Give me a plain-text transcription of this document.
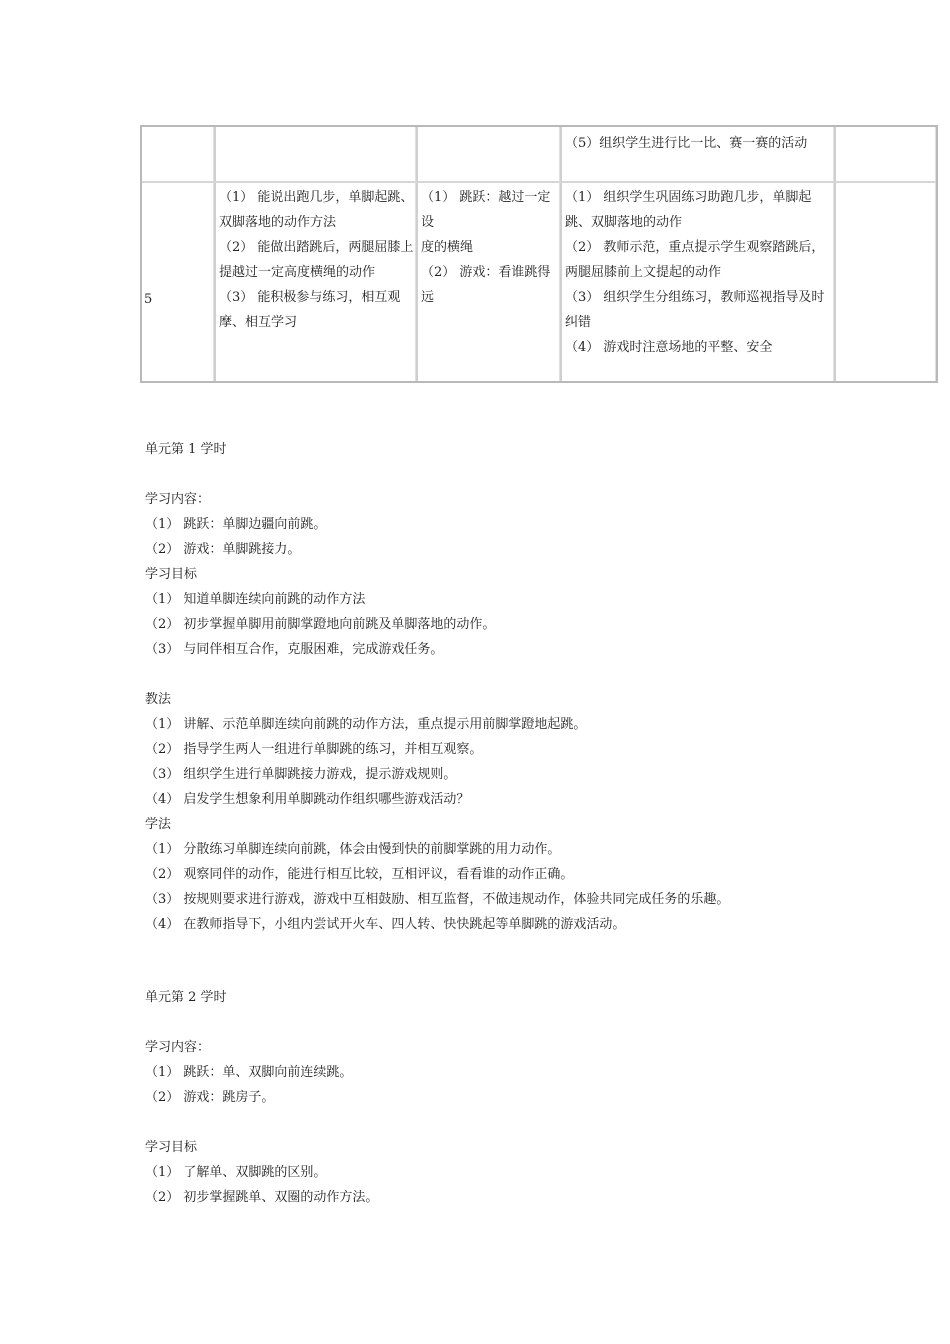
（5）组织学生进行比一比、赛一赛的活动
5
（1） 能说出跑几步，单脚起跳、
双脚落地的动作方法
（2） 能做出踏跳后，两腿屈膝上
提越过一定高度横绳的动作
（3） 能积极参与练习，相互观
摩、相互学习
（1） 跳跃：越过一定设
度的横绳
（2） 游戏：看谁跳得远
（1） 组织学生巩固练习助跑几步，单脚起
跳、双脚落地的动作
（2） 教师示范，重点提示学生观察踏跳后，
两腿屈膝前上文提起的动作
（3） 组织学生分组练习，教师巡视指导及时
纠错
（4） 游戏时注意场地的平整、安全

单元第 1 学时

学习内容：

（1） 跳跃：单脚边疆向前跳。

（2） 游戏：单脚跳接力。

学习目标

（1） 知道单脚连续向前跳的动作方法

（2） 初步掌握单脚用前脚掌蹬地向前跳及单脚落地的动作。

（3） 与同伴相互合作，克服困难，完成游戏任务。

教法

（1） 讲解、示范单脚连续向前跳的动作方法，重点提示用前脚掌蹬地起跳。

（2） 指导学生两人一组进行单脚跳的练习，并相互观察。

（3） 组织学生进行单脚跳接力游戏，提示游戏规则。

（4） 启发学生想象利用单脚跳动作组织哪些游戏活动？

学法

（1） 分散练习单脚连续向前跳，体会由慢到快的前脚掌跳的用力动作。

（2） 观察同伴的动作，能进行相互比较，互相评议，看看谁的动作正确。

（3） 按规则要求进行游戏，游戏中互相鼓励、相互监督，不做违规动作，体验共同完成任务的乐趣。

（4） 在教师指导下，小组内尝试开火车、四人转、快快跳起等单脚跳的游戏活动。

单元第 2 学时

学习内容：

（1） 跳跃：单、双脚向前连续跳。

（2） 游戏：跳房子。

学习目标

（1） 了解单、双脚跳的区别。

（2） 初步掌握跳单、双圈的动作方法。
